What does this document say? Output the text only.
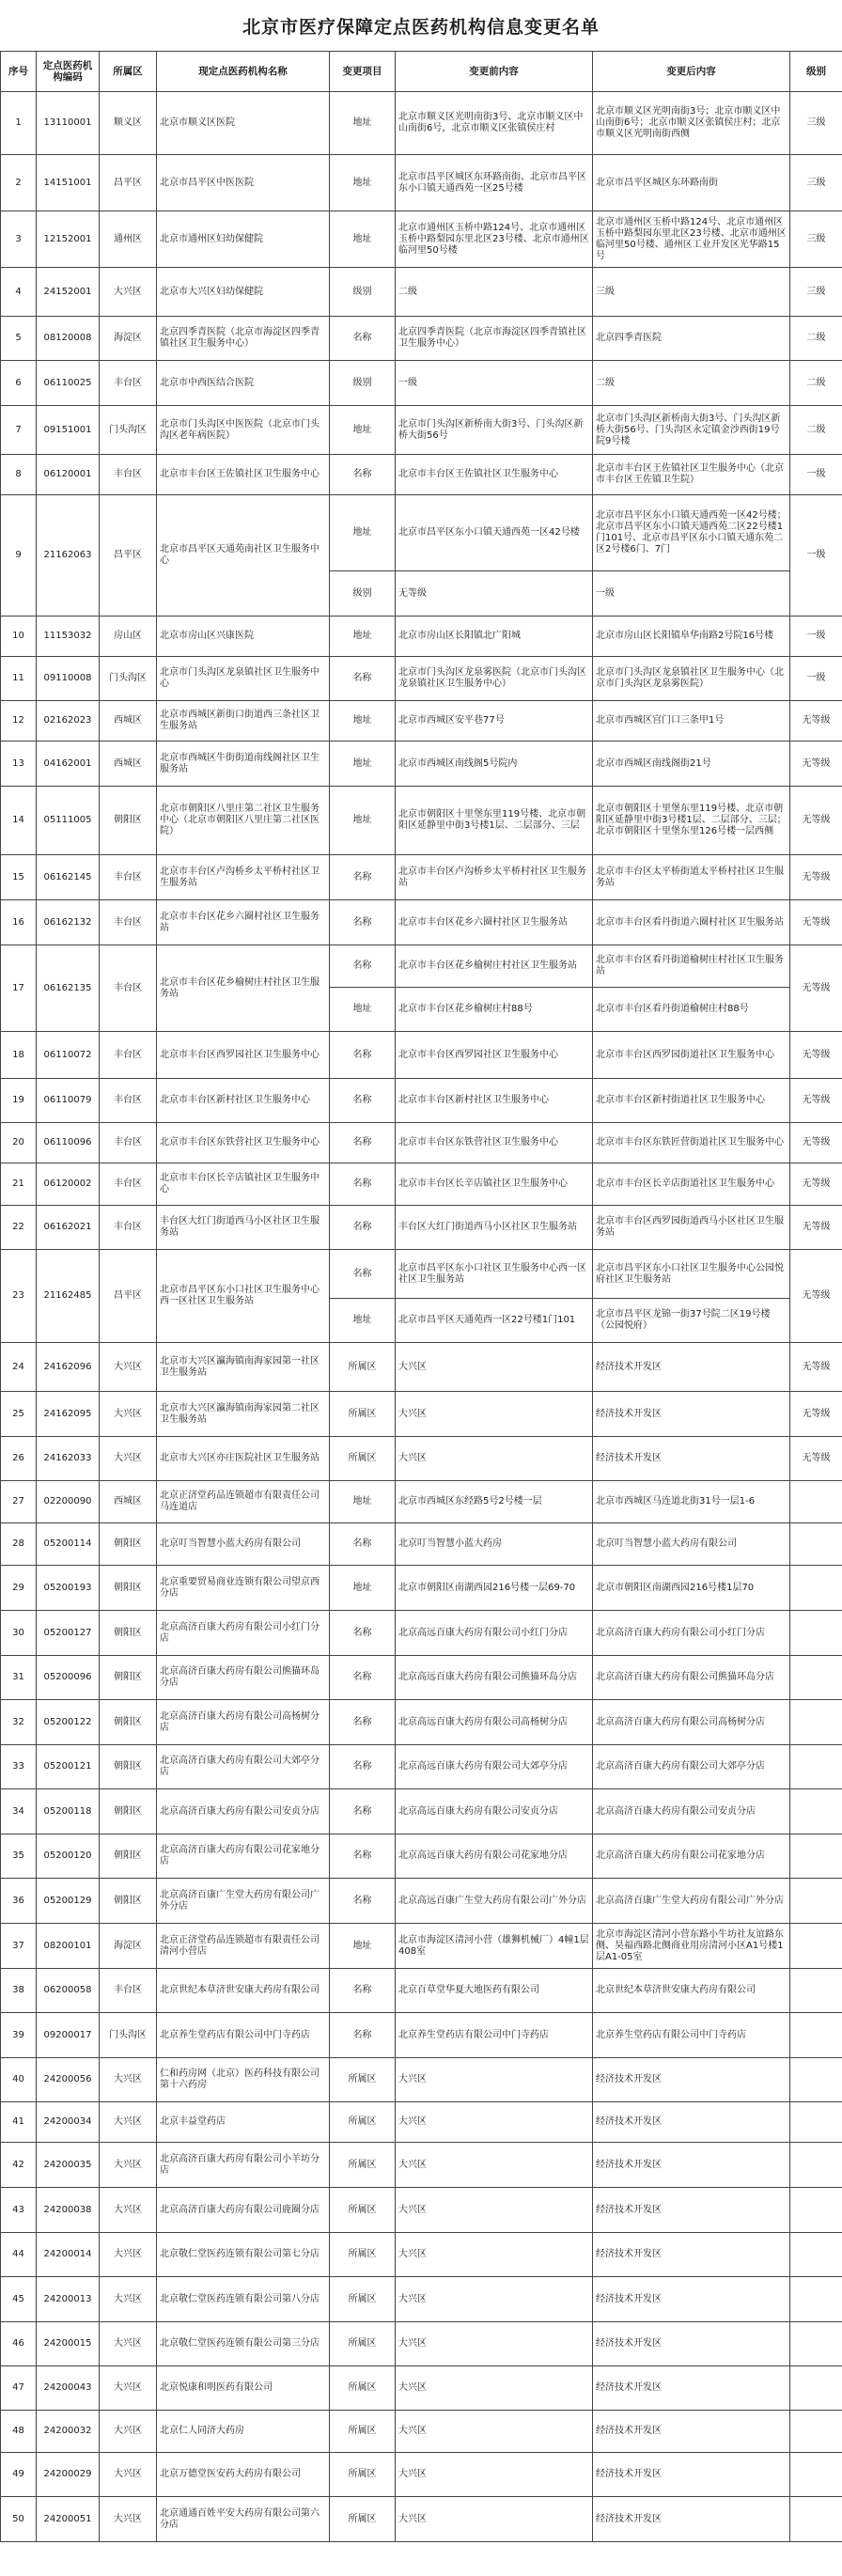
北京市医疗保障定点医药机构信息变更名单
序号	定点医药机构编码	所属区	现定点医药机构名称	变更项目	变更前内容	变更后内容	级别
1	13110001	顺义区	北京市顺义区医院	地址	北京市顺义区光明南街3号、北京市顺义区中山南街6号，北京市顺义区张镇侯庄村	北京市顺义区光明南街3号；北京市顺义区中山南街6号；北京市顺义区张镇侯庄村；北京市顺义区光明南街西侧	三级
2	14151001	昌平区	北京市昌平区中医医院	地址	北京市昌平区城区东环路南街、北京市昌平区东小口镇天通西苑一区25号楼	北京市昌平区城区东环路南街	三级
3	12152001	通州区	北京市通州区妇幼保健院	地址	北京市通州区玉桥中路124号、北京市通州区玉桥中路梨园东里北区23号楼、北京市通州区临河里50号楼	北京市通州区玉桥中路124号、北京市通州区玉桥中路梨园东里北区23号楼、北京市通州区临河里50号楼、通州区工业开发区光华路15号	三级
4	24152001	大兴区	北京市大兴区妇幼保健院	级别	二级	三级	三级
5	08120008	海淀区	北京四季青医院（北京市海淀区四季青镇社区卫生服务中心）	名称	北京四季青医院（北京市海淀区四季青镇社区卫生服务中心）	北京四季青医院	二级
6	06110025	丰台区	北京市中西医结合医院	级别	一级	二级	二级
7	09151001	门头沟区	北京市门头沟区中医医院（北京市门头沟区老年病医院）	地址	北京市门头沟区新桥南大街3号、门头沟区新桥大街56号	北京市门头沟区新桥南大街3号、门头沟区新桥大街56号、门头沟区永定镇金沙西街19号院9号楼	二级
8	06120001	丰台区	北京市丰台区王佐镇社区卫生服务中心	名称	北京市丰台区王佐镇社区卫生服务中心	北京市丰台区王佐镇社区卫生服务中心（北京市丰台区王佐镇卫生院）	一级
9	21162063	昌平区	北京市昌平区天通苑南社区卫生服务中心	地址	北京市昌平区东小口镇天通西苑一区42号楼	北京市昌平区东小口镇天通西苑一区42号楼；北京市昌平区东小口镇天通西苑二区22号楼1门101号、北京市昌平区东小口镇天通东苑二区2号楼6门、7门	一级
				级别	无等级	一级	
10	11153032	房山区	北京市房山区兴康医院	地址	北京市房山区长阳镇北广阳城	北京市房山区长阳镇阜华南路2号院16号楼	一级
11	09110008	门头沟区	北京市门头沟区龙泉镇社区卫生服务中心	名称	北京市门头沟区龙泉雾医院（北京市门头沟区龙泉镇社区卫生服务中心）	北京市门头沟区龙泉镇社区卫生服务中心（北京市门头沟区龙泉雾医院）	一级
12	02162023	西城区	北京市西城区新街口街道西三条社区卫生服务站	地址	北京市西城区安平巷77号	北京市西城区宫门口三条甲1号	无等级
13	04162001	西城区	北京市西城区牛街街道南线阁社区卫生服务站	地址	北京市西城区南线阁5号院内	北京市西城区南线阁街21号	无等级
14	05111005	朝阳区	北京市朝阳区八里庄第二社区卫生服务中心（北京市朝阳区八里庄第二社区医院）	地址	北京市朝阳区十里堡东里119号楼、北京市朝阳区延静里中街3号楼1层、二层部分、三层	北京市朝阳区十里堡东里119号楼、北京市朝阳区延静里中街3号楼1层、二层部分、三层；北京市朝阳区十里堡东里126号楼一层西侧	无等级
15	06162145	丰台区	北京市丰台区卢沟桥乡太平桥村社区卫生服务站	名称	北京市丰台区卢沟桥乡太平桥村社区卫生服务站	北京市丰台区太平桥街道太平桥村社区卫生服务站	无等级
16	06162132	丰台区	北京市丰台区花乡六圈村社区卫生服务站	名称	北京市丰台区花乡六圈村社区卫生服务站	北京市丰台区看丹街道六圈村社区卫生服务站	无等级
17	06162135	丰台区	北京市丰台区花乡榆树庄村社区卫生服务站	名称	北京市丰台区花乡榆树庄村社区卫生服务站	北京市丰台区看丹街道榆树庄村社区卫生服务站	无等级
				地址	北京市丰台区花乡榆树庄村88号	北京市丰台区看丹街道榆树庄村88号	
18	06110072	丰台区	北京市丰台区西罗园社区卫生服务中心	名称	北京市丰台区西罗园社区卫生服务中心	北京市丰台区西罗园街道社区卫生服务中心	无等级
19	06110079	丰台区	北京市丰台区新村社区卫生服务中心	名称	北京市丰台区新村社区卫生服务中心	北京市丰台区新村街道社区卫生服务中心	无等级
20	06110096	丰台区	北京市丰台区东铁营社区卫生服务中心	名称	北京市丰台区东铁营社区卫生服务中心	北京市丰台区东铁匠营街道社区卫生服务中心	无等级
21	06120002	丰台区	北京市丰台区长辛店镇社区卫生服务中心	名称	北京市丰台区长辛店镇社区卫生服务中心	北京市丰台区长辛店街道社区卫生服务中心	无等级
22	06162021	丰台区	丰台区大红门街道西马小区社区卫生服务站	名称	丰台区大红门街道西马小区社区卫生服务站	北京市丰台区西罗园街道西马小区社区卫生服务站	无等级
23	21162485	昌平区	北京市昌平区东小口社区卫生服务中心西一区社区卫生服务站	名称	北京市昌平区东小口社区卫生服务中心西一区社区卫生服务站	北京市昌平区东小口社区卫生服务中心公园悦府社区卫生服务站	无等级
				地址	北京市昌平区天通苑西一区22号楼1门101	北京市昌平区龙锦一街37号院二区19号楼（公园悦府）	
24	24162096	大兴区	北京市大兴区瀛海镇南海家园第一社区卫生服务站	所属区	大兴区	经济技术开发区	无等级
25	24162095	大兴区	北京市大兴区瀛海镇南海家园第二社区卫生服务站	所属区	大兴区	经济技术开发区	无等级
26	24162033	大兴区	北京市大兴区亦庄医院社区卫生服务站	所属区	大兴区	经济技术开发区	无等级
27	02200090	西城区	北京正济堂药品连锁超市有限责任公司马连道店	地址	北京市西城区东经路5号2号楼一层	北京市西城区马连道北街31号一层1-6	
28	05200114	朝阳区	北京叮当智慧小蓝大药房有限公司	名称	北京叮当智慧小蓝大药房	北京叮当智慧小蓝大药房有限公司	
29	05200193	朝阳区	北京重要贸易商业连锁有限公司望京西分店	地址	北京市朝阳区南湖西园216号楼一层69-70	北京市朝阳区南湖西园216号楼1层70	
30	05200127	朝阳区	北京高济百康大药房有限公司小红门分店	名称	北京高远百康大药房有限公司小红门分店	北京高济百康大药房有限公司小红门分店	
31	05200096	朝阳区	北京高济百康大药房有限公司熊猫环岛分店	名称	北京高远百康大药房有限公司熊猫环岛分店	北京高济百康大药房有限公司熊猫环岛分店	
32	05200122	朝阳区	北京高济百康大药房有限公司高杨树分店	名称	北京高远百康大药房有限公司高杨树分店	北京高济百康大药房有限公司高杨树分店	
33	05200121	朝阳区	北京高济百康大药房有限公司大郊亭分店	名称	北京高远百康大药房有限公司大郊亭分店	北京高济百康大药房有限公司大郊亭分店	
34	05200118	朝阳区	北京高济百康大药房有限公司安贞分店	名称	北京高远百康大药房有限公司安贞分店	北京高济百康大药房有限公司安贞分店	
35	05200120	朝阳区	北京高济百康大药房有限公司花家地分店	名称	北京高远百康大药房有限公司花家地分店	北京高济百康大药房有限公司花家地分店	
36	05200129	朝阳区	北京高济百康广生堂大药房有限公司广外分店	名称	北京高远百康广生堂大药房有限公司广外分店	北京高济百康广生堂大药房有限公司广外分店	
37	08200101	海淀区	北京正济堂药品连锁超市有限责任公司清河小营店	地址	北京市海淀区清河小营（雄狮机械厂）4幢1层408室	北京市海淀区清河小营东路小牛坊社友谊路东侧、昊福西路北侧商业用房清河小区A1号楼1层A1-05室	
38	06200058	丰台区	北京世纪本草济世安康大药房有限公司	名称	北京百草堂华夏大地医药有限公司	北京世纪本草济世安康大药房有限公司	
39	09200017	门头沟区	北京养生堂药店有限公司中门寺药店	名称	北京养生堂药店有限公司中门寺药店	北京养生堂药店有限公司中门寺药店	
40	24200056	大兴区	仁和药房网（北京）医药科技有限公司第十六药房	所属区	大兴区	经济技术开发区	
41	24200034	大兴区	北京丰益堂药店	所属区	大兴区	经济技术开发区	
42	24200035	大兴区	北京高济百康大药房有限公司小羊坊分店	所属区	大兴区	经济技术开发区	
43	24200038	大兴区	北京高济百康大药房有限公司鹿圈分店	所属区	大兴区	经济技术开发区	
44	24200014	大兴区	北京敬仁堂医药连锁有限公司第七分店	所属区	大兴区	经济技术开发区	
45	24200013	大兴区	北京敬仁堂医药连锁有限公司第八分店	所属区	大兴区	经济技术开发区	
46	24200015	大兴区	北京敬仁堂医药连锁有限公司第三分店	所属区	大兴区	经济技术开发区	
47	24200043	大兴区	北京悦康和明医药有限公司	所属区	大兴区	经济技术开发区	
48	24200032	大兴区	北京仁人同济大药房	所属区	大兴区	经济技术开发区	
49	24200029	大兴区	北京万德堂医安药大药房有限公司	所属区	大兴区	经济技术开发区	
50	24200051	大兴区	北京通通百姓平安大药房有限公司第六分店	所属区	大兴区	经济技术开发区	
